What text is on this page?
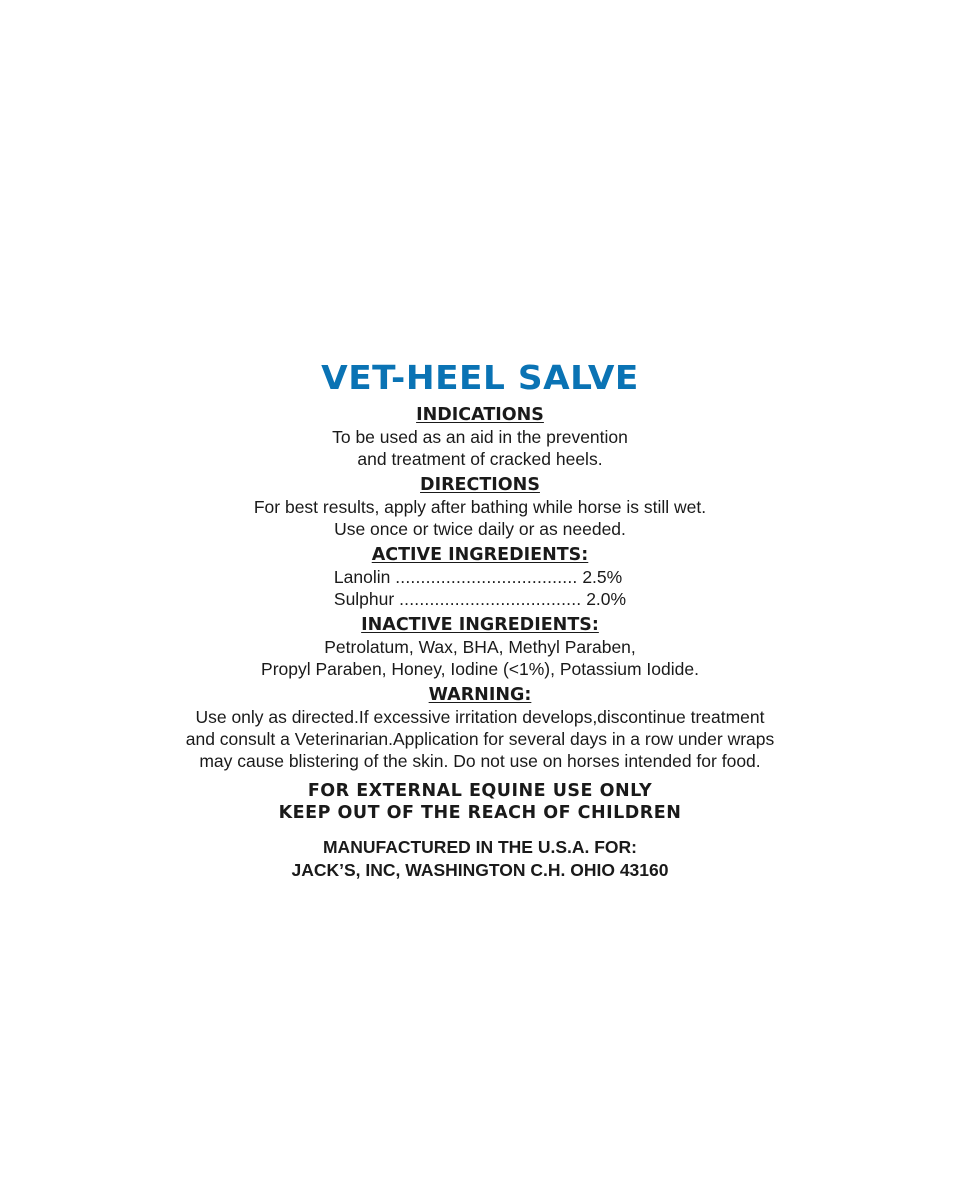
VET-HEEL SALVE

INDICATIONS

To be used as an aid in the prevention

and treatment of cracked heels.

DIRECTIONS

For best results, apply after bathing while horse is still wet.

Use once or twice daily or as needed.

ACTIVE INGREDIENTS:

Lanolin .................................... 2.5%
Sulphur .................................... 2.0%

INACTIVE INGREDIENTS:

Petrolatum, Wax, BHA, Methyl Paraben,

Propyl Paraben, Honey, Iodine (<1%), Potassium Iodide.

WARNING:

Use only as directed.If excessive irritation develops,discontinue treatment

and consult a Veterinarian.Application for several days in a row under wraps

may cause blistering of the skin. Do not use on horses intended for food.

FOR EXTERNAL EQUINE USE ONLY

KEEP OUT OF THE REACH OF CHILDREN

MANUFACTURED IN THE U.S.A. FOR:

JACK’S, INC, WASHINGTON C.H. OHIO 43160
